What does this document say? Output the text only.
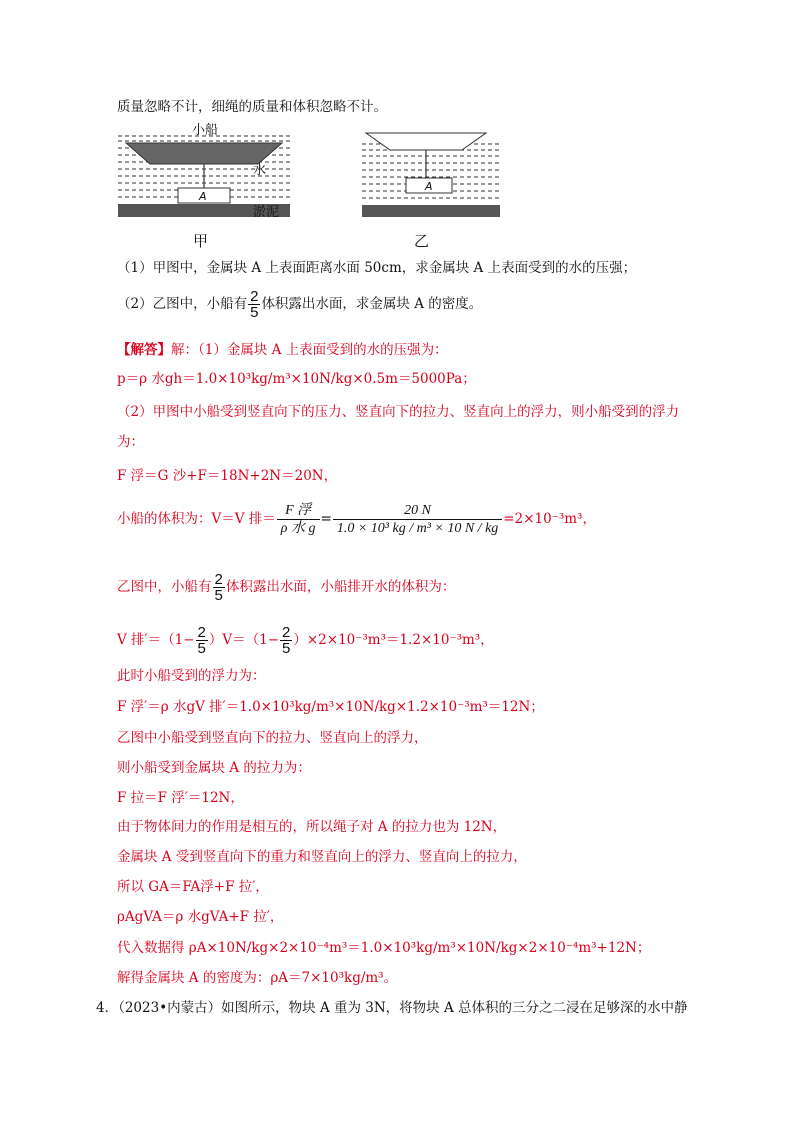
质量忽略不计，细绳的质量和体积忽略不计。
小船
水
淤泥
A
甲
A
乙
（1）甲图中，金属块 A 上表面距离水面 50cm，求金属块 A 上表面受到的水的压强；
（2）乙图中，小船有 $\frac{2}{5}$ 体积露出水面，求金属块 A 的密度。
【解答】解：（1）金属块 A 上表面受到的水的压强为：
p＝ρ 水gh＝1.0×10³kg/m³×10N/kg×0.5m＝5000Pa；
（2）甲图中小船受到竖直向下的压力、竖直向下的拉力、竖直向上的浮力，则小船受到的浮力
为：
F 浮＝G 沙+F＝18N+2N＝20N，
小船的体积为：V＝V 排＝ $\frac{\text{F 浮}}{\text{ρ 水 g}} = \frac{20 N}{\text{1.0 × 10³ kg / m³ × 10 N / kg}} =2\times 10^{-3}m^3$，
乙图中，小船有 $\frac{2}{5}$ 体积露出水面，小船排开水的体积为：
V 排$'=(1- \frac{2}{5} )V=(1- \frac{2}{5} )\times 2\times 10^{-3}m^3=1.2\times 10^{-3}m^3$，
此时小船受到的浮力为：
F 浮′＝ρ 水gV 排′＝1.0×10³kg/m³×10N/kg×1.2×10⁻³m³＝12N；
乙图中小船受到竖直向下的拉力、竖直向上的浮力，
则小船受到金属块 A 的拉力为：
F 拉＝F 浮′＝12N，
由于物体间力的作用是相互的，所以绳子对 A 的拉力也为 12N，
金属块 A 受到竖直向下的重力和竖直向上的浮力、竖直向上的拉力，
所以 GA＝FA浮+F 拉′，
ρAgVA＝ρ 水gVA+F 拉′，
代入数据得 ρA×10N/kg×2×10⁻⁴m³＝1.0×10³kg/m³×10N/kg×2×10⁻⁴m³+12N；
解得金属块 A 的密度为：ρA＝7×10³kg/m³。
4．（2023•内蒙古）如图所示，物块 A 重为 3N，将物块 A 总体积的三分之二浸在足够深的水中静
